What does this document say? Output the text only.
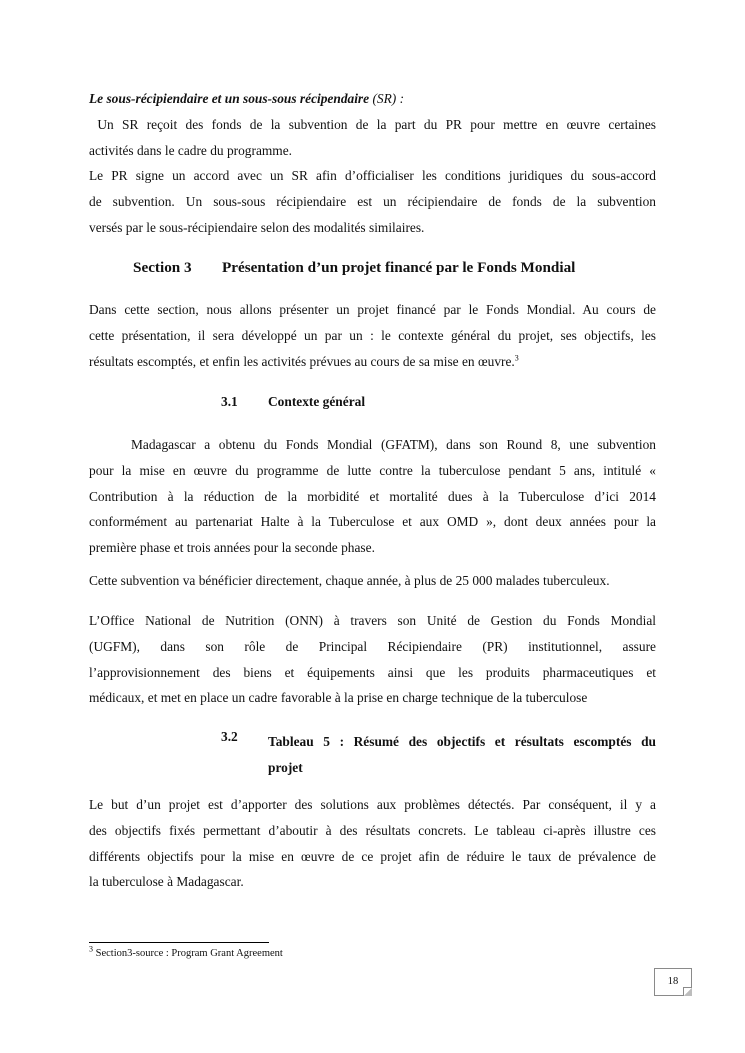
Le sous-récipiendaire et un sous-sous récipendaire (SR) :
Un SR reçoit des fonds de la subvention de la part du PR pour mettre en œuvre certaines
activités dans le cadre du programme.
Le PR signe un accord avec un SR afin d’officialiser les conditions juridiques du sous-accord
de subvention. Un sous-sous récipiendaire est un récipiendaire de fonds de la subvention
versés par le sous-récipiendaire selon des modalités similaires.
Section 3 Présentation d’un projet financé par le Fonds Mondial
Dans cette section, nous allons présenter un projet financé par le Fonds Mondial. Au cours de
cette présentation, il sera développé un par un : le contexte général du projet, ses objectifs, les
résultats escomptés, et enfin les activités prévues au cours de sa mise en œuvre.$^3$
3.1 Contexte général
Madagascar a obtenu du Fonds Mondial (GFATM), dans son Round 8, une subvention
pour la mise en œuvre du programme de lutte contre la tuberculose pendant 5 ans, intitulé «
Contribution à la réduction de la morbidité et mortalité dues à la Tuberculose d’ici 2014
conformément au partenariat Halte à la Tuberculose et aux OMD », dont deux années pour la
première phase et trois années pour la seconde phase.
Cette subvention va bénéficier directement, chaque année, à plus de 25 000 malades tuberculeux.
L’Office National de Nutrition (ONN) à travers son Unité de Gestion du Fonds Mondial
(UGFM), dans son rôle de Principal Récipiendaire (PR) institutionnel, assure
l’approvisionnement des biens et équipements ainsi que les produits pharmaceutiques et
médicaux, et met en place un cadre favorable à la prise en charge technique de la tuberculose
3.2 Tableau 5 : Résumé des objectifs et résultats escomptés du
projet
Le but d’un projet est d’apporter des solutions aux problèmes détectés. Par conséquent, il y a
des objectifs fixés permettant d’aboutir à des résultats concrets. Le tableau ci-après illustre ces
différents objectifs pour la mise en œuvre de ce projet afin de réduire le taux de prévalence de
la tuberculose à Madagascar.
$^3$ Section3-source : Program Grant Agreement
18
